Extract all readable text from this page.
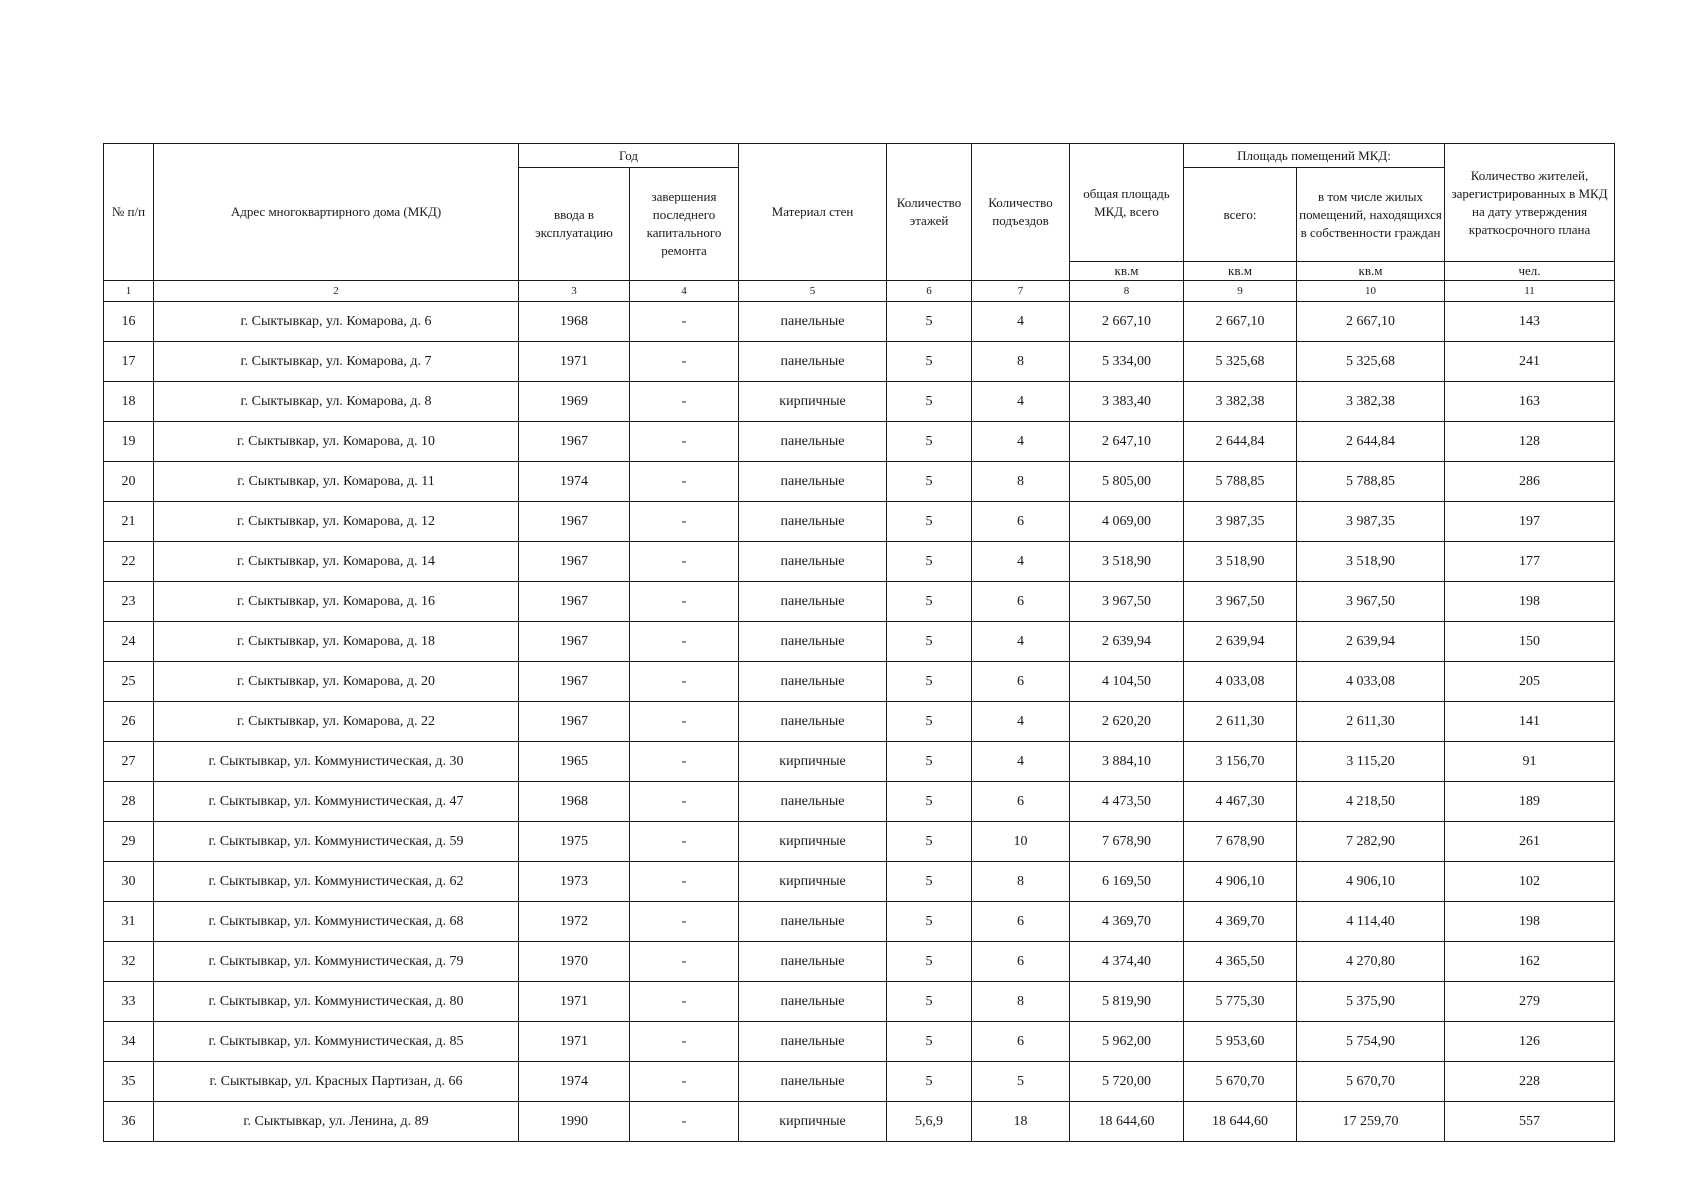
№ п/п	Адрес многоквартирного дома (МКД)	Год		Материал стен	Количество этажей	Количество подъездов	общая площадь МКД, всего	Площадь помещений МКД:		Количество жителей, зарегистрированных в МКД на дату утверждения краткосрочного плана
		ввода в эксплуатацию	завершения последнего капитального ремонта					всего:	в том числе жилых помещений, находящихся в собственности граждан	
							кв.м	кв.м	кв.м	чел.
1	2	3	4	5	6	7	8	9	10	11
16	г. Сыктывкар, ул. Комарова, д. 6	1968	-	панельные	5	4	2 667,10	2 667,10	2 667,10	143
17	г. Сыктывкар, ул. Комарова, д. 7	1971	-	панельные	5	8	5 334,00	5 325,68	5 325,68	241
18	г. Сыктывкар, ул. Комарова, д. 8	1969	-	кирпичные	5	4	3 383,40	3 382,38	3 382,38	163
19	г. Сыктывкар, ул. Комарова, д. 10	1967	-	панельные	5	4	2 647,10	2 644,84	2 644,84	128
20	г. Сыктывкар, ул. Комарова, д. 11	1974	-	панельные	5	8	5 805,00	5 788,85	5 788,85	286
21	г. Сыктывкар, ул. Комарова, д. 12	1967	-	панельные	5	6	4 069,00	3 987,35	3 987,35	197
22	г. Сыктывкар, ул. Комарова, д. 14	1967	-	панельные	5	4	3 518,90	3 518,90	3 518,90	177
23	г. Сыктывкар, ул. Комарова, д. 16	1967	-	панельные	5	6	3 967,50	3 967,50	3 967,50	198
24	г. Сыктывкар, ул. Комарова, д. 18	1967	-	панельные	5	4	2 639,94	2 639,94	2 639,94	150
25	г. Сыктывкар, ул. Комарова, д. 20	1967	-	панельные	5	6	4 104,50	4 033,08	4 033,08	205
26	г. Сыктывкар, ул. Комарова, д. 22	1967	-	панельные	5	4	2 620,20	2 611,30	2 611,30	141
27	г. Сыктывкар, ул. Коммунистическая, д. 30	1965	-	кирпичные	5	4	3 884,10	3 156,70	3 115,20	91
28	г. Сыктывкар, ул. Коммунистическая, д. 47	1968	-	панельные	5	6	4 473,50	4 467,30	4 218,50	189
29	г. Сыктывкар, ул. Коммунистическая, д. 59	1975	-	кирпичные	5	10	7 678,90	7 678,90	7 282,90	261
30	г. Сыктывкар, ул. Коммунистическая, д. 62	1973	-	кирпичные	5	8	6 169,50	4 906,10	4 906,10	102
31	г. Сыктывкар, ул. Коммунистическая, д. 68	1972	-	панельные	5	6	4 369,70	4 369,70	4 114,40	198
32	г. Сыктывкар, ул. Коммунистическая, д. 79	1970	-	панельные	5	6	4 374,40	4 365,50	4 270,80	162
33	г. Сыктывкар, ул. Коммунистическая, д. 80	1971	-	панельные	5	8	5 819,90	5 775,30	5 375,90	279
34	г. Сыктывкар, ул. Коммунистическая, д. 85	1971	-	панельные	5	6	5 962,00	5 953,60	5 754,90	126
35	г. Сыктывкар, ул. Красных Партизан, д. 66	1974	-	панельные	5	5	5 720,00	5 670,70	5 670,70	228
36	г. Сыктывкар, ул. Ленина, д. 89	1990	-	кирпичные	5,6,9	18	18 644,60	18 644,60	17 259,70	557
